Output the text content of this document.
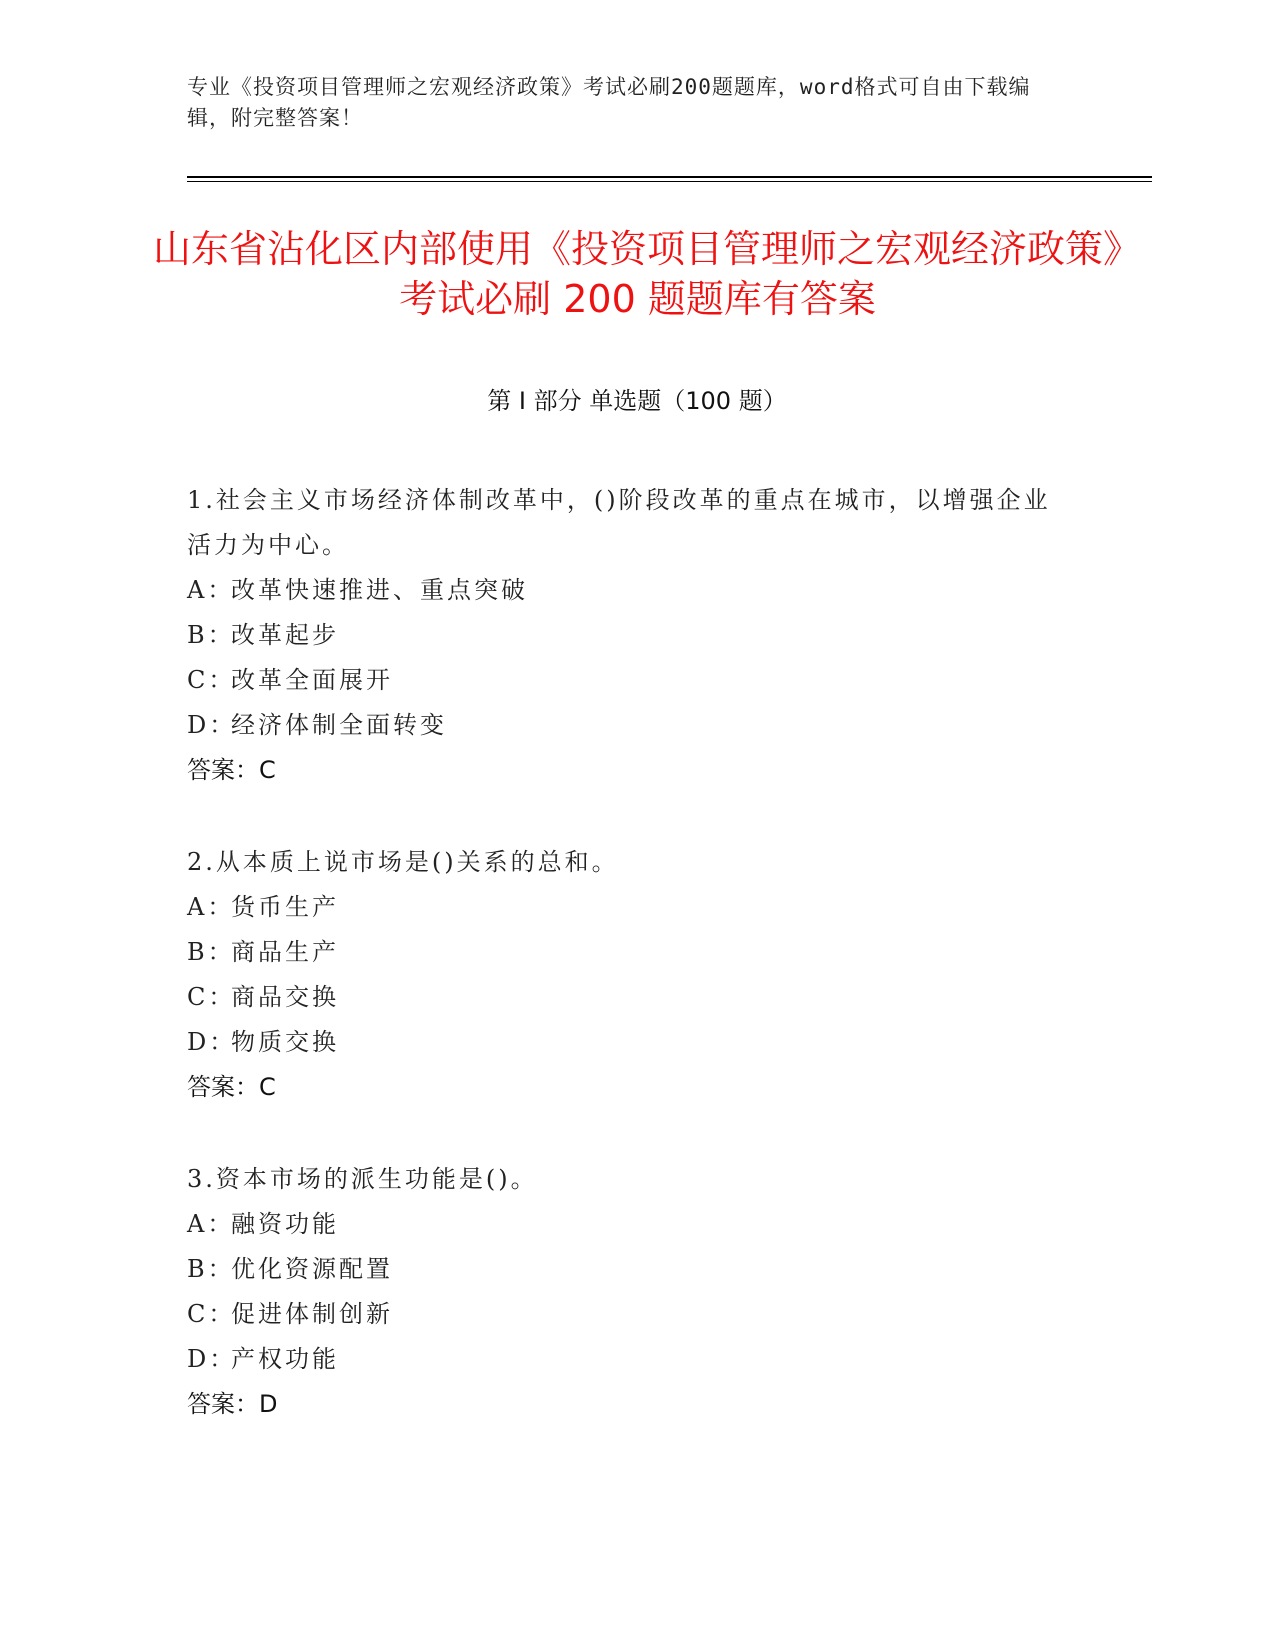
专业《投资项目管理师之宏观经济政策》考试必刷200题题库，word格式可自由下载编辑，附完整答案！
山东省沾化区内部使用《投资项目管理师之宏观经济政策》考试必刷 200 题题库有答案
第 I 部分 单选题（100 题）
1.社会主义市场经济体制改革中，()阶段改革的重点在城市，以增强企业活力为中心。
A：
改革快速推进、重点突破
B：
改革起步
C：
改革全面展开
D：
经济体制全面转变
答案：C
2.从本质上说市场是()关系的总和。
A：
货币生产
B：
商品生产
C：
商品交换
D：
物质交换
答案：C
3.资本市场的派生功能是()。
A：
融资功能
B：
优化资源配置
C：
促进体制创新
D：
产权功能
答案：D
